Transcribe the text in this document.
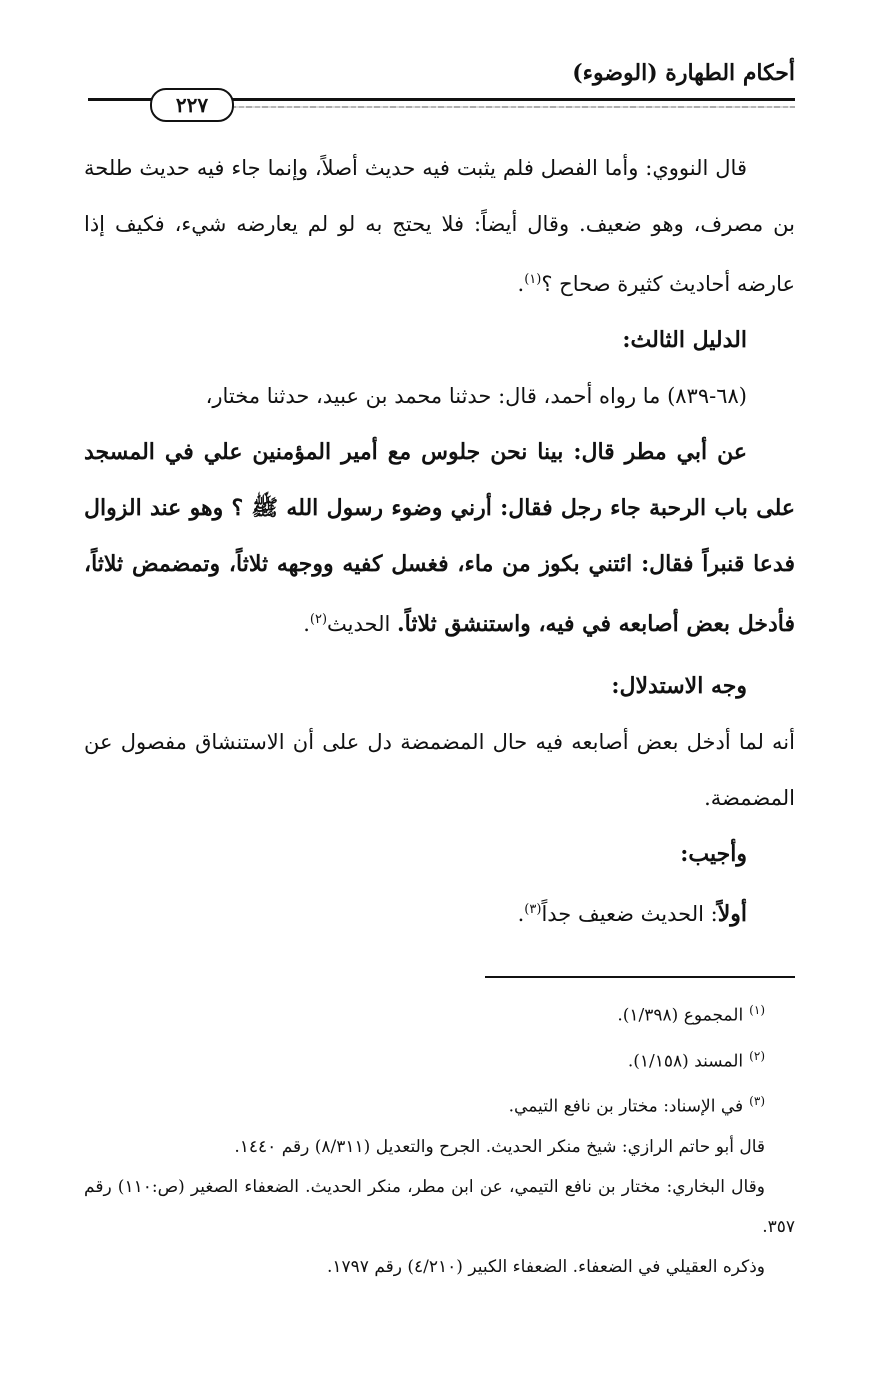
أحكام الطهارة (الوضوء)
٢٢٧

قال النووي: وأما الفصل فلم يثبت فيه حديث أصلاً، وإنما جاء فيه حديث طلحة بن مصرف، وهو ضعيف. وقال أيضاً: فلا يحتج به لو لم يعارضه شيء، فكيف إذا عارضه أحاديث كثيرة صحاح ؟$^{(١)}$.

الدليل الثالث:

(٦٨-٨٣٩) ما رواه أحمد، قال: حدثنا محمد بن عبيد، حدثنا مختار،

عن أبي مطر قال: بينا نحن جلوس مع أمير المؤمنين علي في المسجد على باب الرحبة جاء رجل فقال: أرني وضوء رسول الله ﷺ ؟ وهو عند الزوال فدعا قنبراً فقال: ائتني بكوز من ماء، فغسل كفيه ووجهه ثلاثاً، وتمضمض ثلاثاً، فأدخل بعض أصابعه في فيه، واستنشق ثلاثاً. الحديث$^{(٢)}$.

وجه الاستدلال:

أنه لما أدخل بعض أصابعه فيه حال المضمضة دل على أن الاستنشاق مفصول عن المضمضة.

وأجيب:

أولاً: الحديث ضعيف جداً$^{(٣)}$.

$^{(١)}$المجموع (١/٣٩٨).

$^{(٢)}$المسند (١/١٥٨).

$^{(٣)}$في الإسناد: مختار بن نافع التيمي.

قال أبو حاتم الرازي: شيخ منكر الحديث. الجرح والتعديل (٨/٣١١) رقم ١٤٤٠.

وقال البخاري: مختار بن نافع التيمي، عن ابن مطر، منكر الحديث. الضعفاء الصغير (ص:١١٠) رقم ٣٥٧.

وذكره العقيلي في الضعفاء. الضعفاء الكبير (٤/٢١٠) رقم ١٧٩٧.
